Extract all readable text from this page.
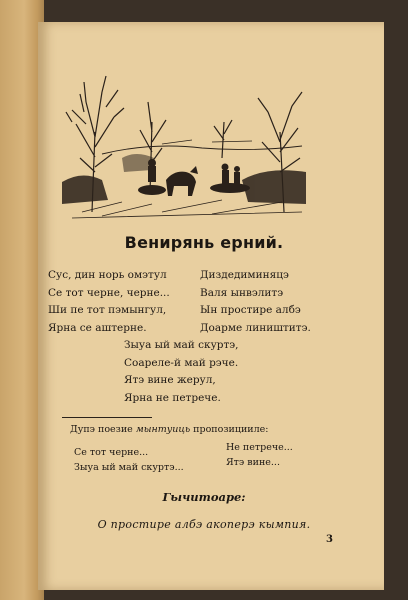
Венирянь ерний.
Сус, дин норь омэтул
Се тот черне, черне...
Ши пе тот пэмынгул,
Ярна се аштерне.
Диздедиминяцэ
Валя ынвэлитэ
Ын простире албэ
Доарме лиништитэ.
Зыуа ый май скуртэ,
Соареле-й май рэче.
Ятэ вине жерул,
Ярна не петрече.
Дупэ поезие мынтуиць пропозицииле:
Се тот черне...
Зыуа ый май скуртэ...
Не петрече...
Ятэ вине...
Гычитоаре:
О простире албэ акоперэ кымпия.
3
